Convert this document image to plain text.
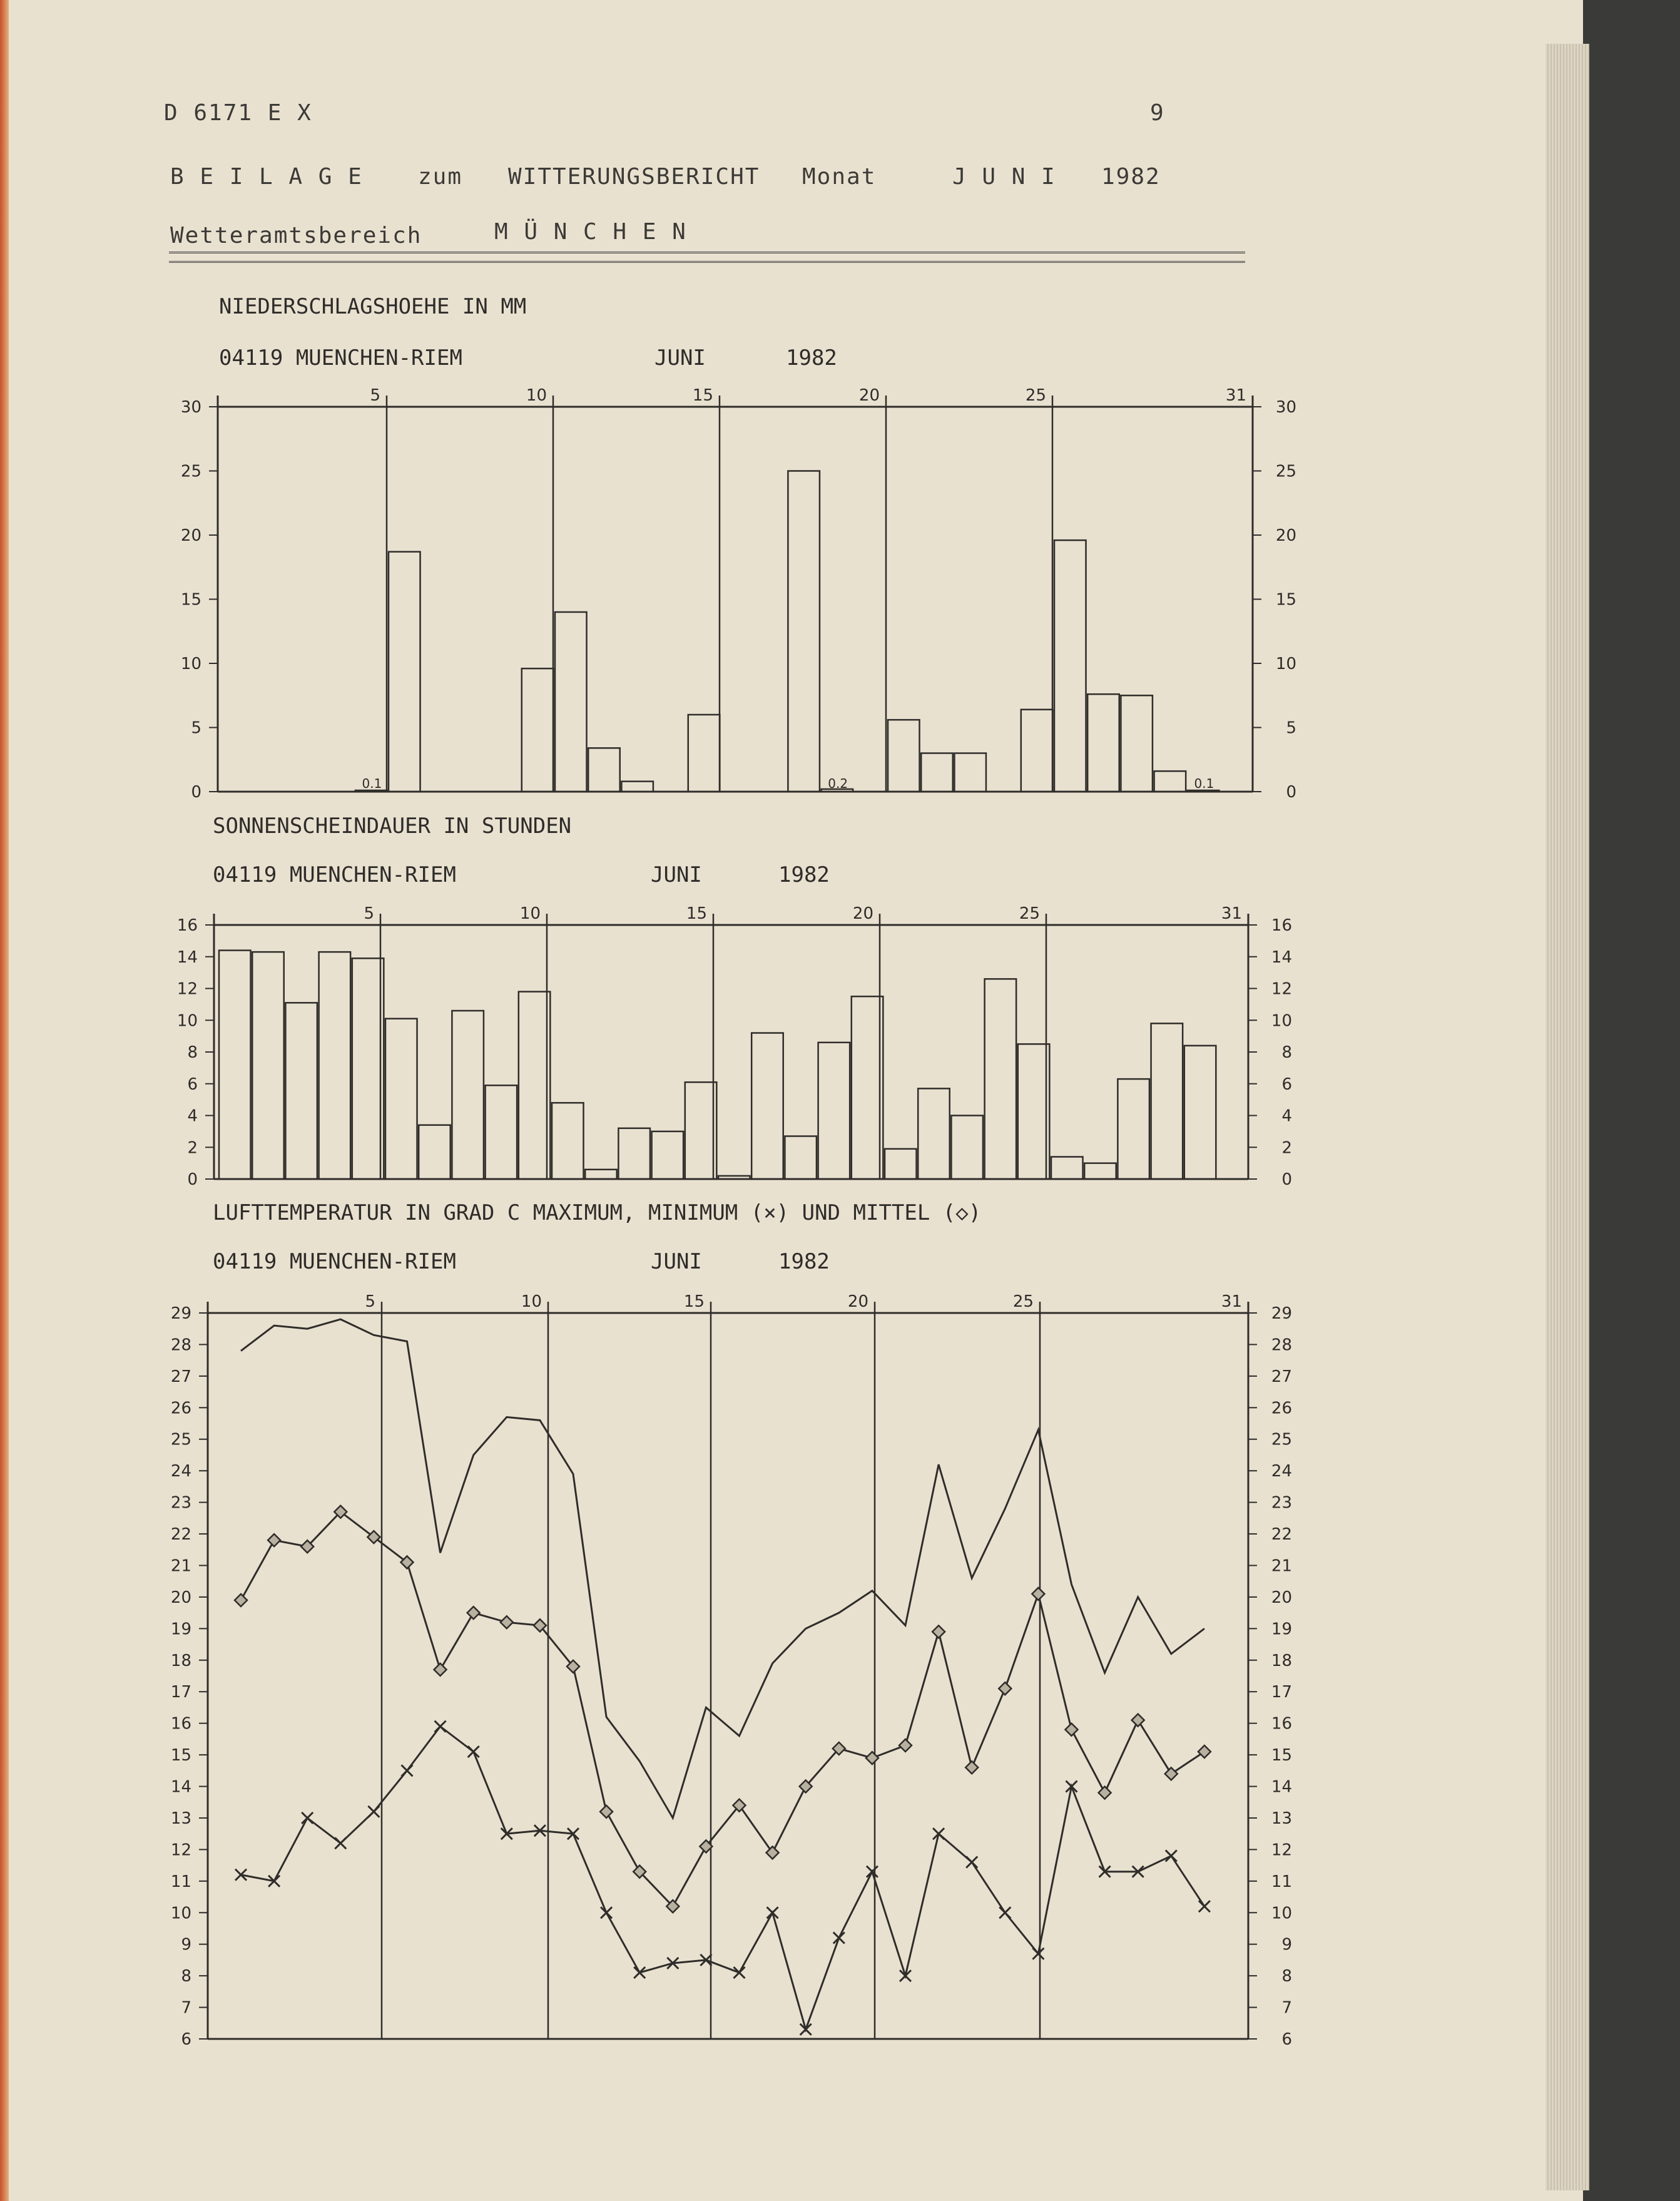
D 6171 E X	9
B E I L A G E zum WITTERUNGSBERICHT Monat	J U N I 1982
Wetteramtsbereich	M Ü N C H E N
NIEDERSCHLAGSHOEHE IN MM
04119 MUENCHEN-RIEM	JUNI	1982
SONNENSCHEINDAUER IN STUNDEN
04119 MUENCHEN-RIEM	JUNI	1982
LUFTTEMPERATUR IN GRAD C MAXIMUM, MINIMUM (×) UND MITTEL (◇)
04119 MUENCHEN-RIEM	JUNI	1982
5	10	15	20	25	31
0	0
5	5
10	10
15	15
20	20
25	25
30	30
0.1	0.2	0.1
5	10	15	20	25	31
0	0
2	2
4	4
6	6
8	8
10	10
12	12
14	14
16	16
5	10	15	20	25	31
6	6
7	7
8	8
9	9
10	10
11	11
12	12
13	13
14	14
15	15
16	16
17	17
18	18
19	19
20	20
21	21
22	22
23	23
24	24
25	25
26	26
27	27
28	28
29	29
